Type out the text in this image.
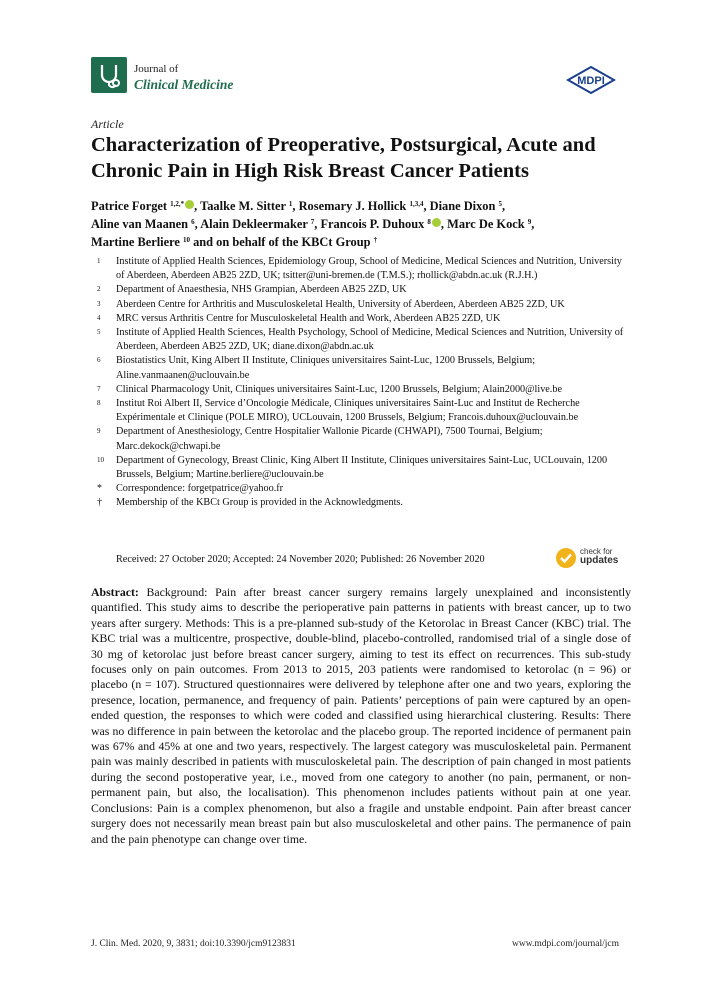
Journal of
Clinical Medicine	MDPI
Article
Characterization of Preoperative, Postsurgical, Acute and Chronic Pain in High Risk Breast Cancer Patients
Patrice Forget $^{1,2,*}$ , Taalke M. Sitter $^1$, Rosemary J. Hollick $^{1,3,4}$, Diane Dixon $^5$,
Aline van Maanen $^6$, Alain Dekleermaker $^7$, Francois P. Duhoux $^8$ , Marc De Kock $^9$,
Martine Berliere $^{10}$ and on behalf of the KBCt Group †
1	Institute of Applied Health Sciences, Epidemiology Group, School of Medicine, Medical Sciences and Nutrition, University of Aberdeen, Aberdeen AB25 2ZD, UK; tsitter@uni-bremen.de (T.M.S.); rhollick@abdn.ac.uk (R.J.H.)
2	Department of Anaesthesia, NHS Grampian, Aberdeen AB25 2ZD, UK
3	Aberdeen Centre for Arthritis and Musculoskeletal Health, University of Aberdeen, Aberdeen AB25 2ZD, UK
4	MRC versus Arthritis Centre for Musculoskeletal Health and Work, Aberdeen AB25 2ZD, UK
5	Institute of Applied Health Sciences, Health Psychology, School of Medicine, Medical Sciences and Nutrition, University of Aberdeen, Aberdeen AB25 2ZD, UK; diane.dixon@abdn.ac.uk
6	Biostatistics Unit, King Albert II Institute, Cliniques universitaires Saint-Luc, 1200 Brussels, Belgium; Aline.vanmaanen@uclouvain.be
7	Clinical Pharmacology Unit, Cliniques universitaires Saint-Luc, 1200 Brussels, Belgium; Alain2000@live.be
8	Institut Roi Albert II, Service d’Oncologie Médicale, Cliniques universitaires Saint-Luc and Institut de Recherche Expérimentale et Clinique (POLE MIRO), UCLouvain, 1200 Brussels, Belgium; Francois.duhoux@uclouvain.be
9	Department of Anesthesiology, Centre Hospitalier Wallonie Picarde (CHWAPI), 7500 Tournai, Belgium; Marc.dekock@chwapi.be
10	Department of Gynecology, Breast Clinic, King Albert II Institute, Cliniques universitaires Saint-Luc, UCLouvain, 1200 Brussels, Belgium; Martine.berliere@uclouvain.be
*	Correspondence: forgetpatrice@yahoo.fr
†	Membership of the KBCt Group is provided in the Acknowledgments.
Received: 27 October 2020; Accepted: 24 November 2020; Published: 26 November 2020
check for
updates
Abstract: Background: Pain after breast cancer surgery remains largely unexplained and inconsistently quantified. This study aims to describe the perioperative pain patterns in patients with breast cancer, up to two years after surgery. Methods: This is a pre-planned sub-study of the Ketorolac in Breast Cancer (KBC) trial. The KBC trial was a multicentre, prospective, double-blind, placebo-controlled, randomised trial of a single dose of 30 mg of ketorolac just before breast cancer surgery, aiming to test its effect on recurrences. This sub-study focuses only on pain outcomes. From 2013 to 2015, 203 patients were randomised to ketorolac (n = 96) or placebo (n = 107). Structured questionnaires were delivered by telephone after one and two years, exploring the presence, location, permanence, and frequency of pain. Patients’ perceptions of pain were captured by an open-ended question, the responses to which were coded and classified using hierarchical clustering. Results: There was no difference in pain between the ketorolac and the placebo group. The reported incidence of permanent pain was 67% and 45% at one and two years, respectively. The largest category was musculoskeletal pain. Permanent pain was mainly described in patients with musculoskeletal pain. The description of pain changed in most patients during the second postoperative year, i.e., moved from one category to another (no pain, permanent, or non-permanent pain, but also, the localisation). This phenomenon includes patients without pain at one year. Conclusions: Pain is a complex phenomenon, but also a fragile and unstable endpoint. Pain after breast cancer surgery does not necessarily mean breast pain but also musculoskeletal and other pains. The permanence of pain and the pain phenotype can change over time.
J. Clin. Med. 2020, 9, 3831; doi:10.3390/jcm9123831	www.mdpi.com/journal/jcm
